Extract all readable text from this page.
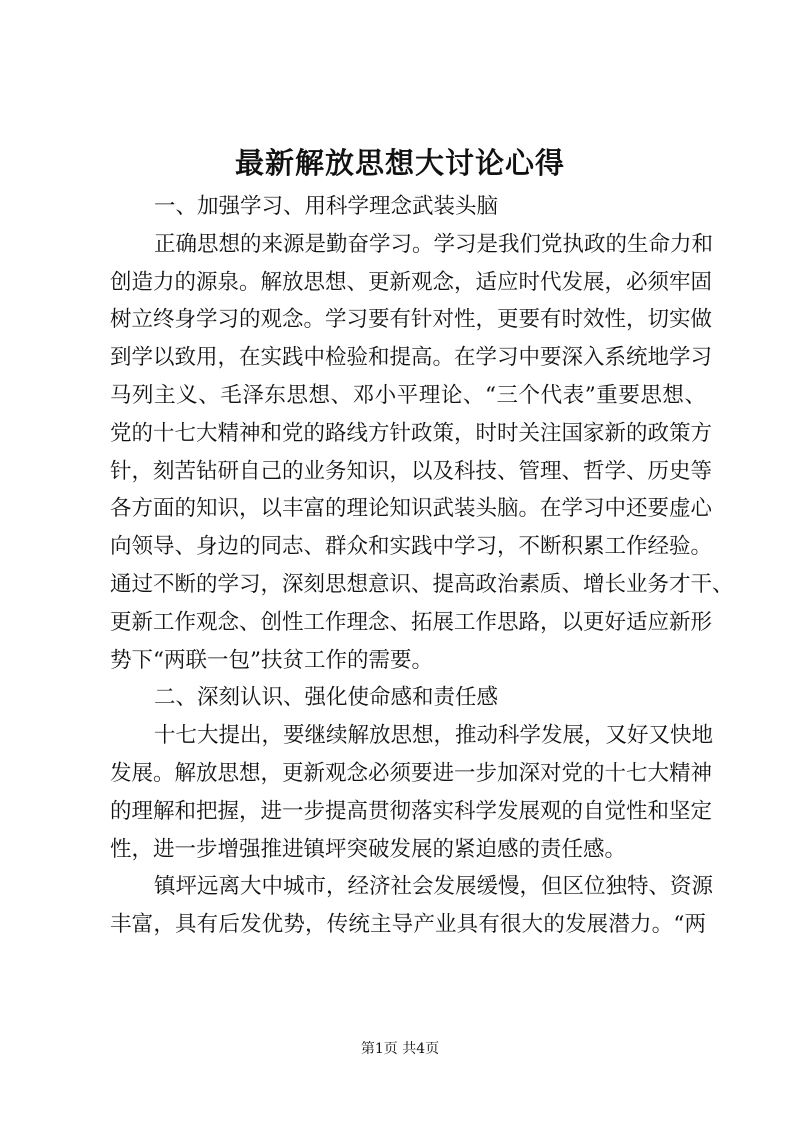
最新解放思想大讨论心得
一、加强学习、用科学理念武装头脑
正确思想的来源是勤奋学习。学习是我们党执政的生命力和
创造力的源泉。解放思想、更新观念，适应时代发展，必须牢固
树立终身学习的观念。学习要有针对性，更要有时效性，切实做
到学以致用，在实践中检验和提高。在学习中要深入系统地学习
马列主义、毛泽东思想、邓小平理论、“三个代表”重要思想、
党的十七大精神和党的路线方针政策，时时关注国家新的政策方
针，刻苦钻研自己的业务知识，以及科技、管理、哲学、历史等
各方面的知识，以丰富的理论知识武装头脑。在学习中还要虚心
向领导、身边的同志、群众和实践中学习，不断积累工作经验。
通过不断的学习，深刻思想意识、提高政治素质、增长业务才干、
更新工作观念、创性工作理念、拓展工作思路，以更好适应新形
势下“两联一包”扶贫工作的需要。
二、深刻认识、强化使命感和责任感
十七大提出，要继续解放思想，推动科学发展，又好又快地
发展。解放思想，更新观念必须要进一步加深对党的十七大精神
的理解和把握，进一步提高贯彻落实科学发展观的自觉性和坚定
性，进一步增强推进镇坪突破发展的紧迫感的责任感。
镇坪远离大中城市，经济社会发展缓慢，但区位独特、资源
丰富，具有后发优势，传统主导产业具有很大的发展潜力。“两
第1页 共4页
